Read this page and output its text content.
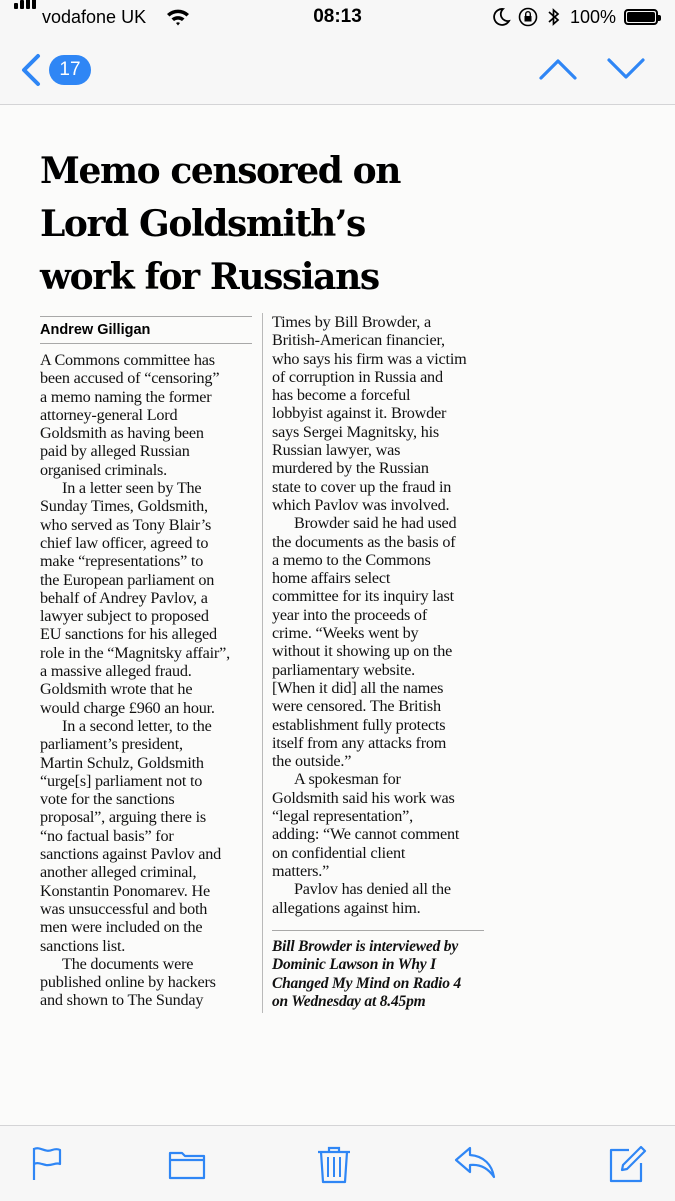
vodafone UK	08:13	100%
17
Memo censored on
Lord Goldsmith’s
work for Russians
Andrew Gilligan
A Commons committee has
been accused of “censoring”
a memo naming the former
attorney-general Lord
Goldsmith as having been
paid by alleged Russian
organised criminals.
In a letter seen by The
Sunday Times, Goldsmith,
who served as Tony Blair’s
chief law officer, agreed to
make “representations” to
the European parliament on
behalf of Andrey Pavlov, a
lawyer subject to proposed
EU sanctions for his alleged
role in the “Magnitsky affair”,
a massive alleged fraud.
Goldsmith wrote that he
would charge £960 an hour.
In a second letter, to the
parliament’s president,
Martin Schulz, Goldsmith
“urge[s] parliament not to
vote for the sanctions
proposal”, arguing there is
“no factual basis” for
sanctions against Pavlov and
another alleged criminal,
Konstantin Ponomarev. He
was unsuccessful and both
men were included on the
sanctions list.
The documents were
published online by hackers
and shown to The Sunday
Times by Bill Browder, a
British-American financier,
who says his firm was a victim
of corruption in Russia and
has become a forceful
lobbyist against it. Browder
says Sergei Magnitsky, his
Russian lawyer, was
murdered by the Russian
state to cover up the fraud in
which Pavlov was involved.
Browder said he had used
the documents as the basis of
a memo to the Commons
home affairs select
committee for its inquiry last
year into the proceeds of
crime. “Weeks went by
without it showing up on the
parliamentary website.
[When it did] all the names
were censored. The British
establishment fully protects
itself from any attacks from
the outside.”
A spokesman for
Goldsmith said his work was
“legal representation”,
adding: “We cannot comment
on confidential client
matters.”
Pavlov has denied all the
allegations against him.
Bill Browder is interviewed by
Dominic Lawson in Why I
Changed My Mind on Radio 4
on Wednesday at 8.45pm
